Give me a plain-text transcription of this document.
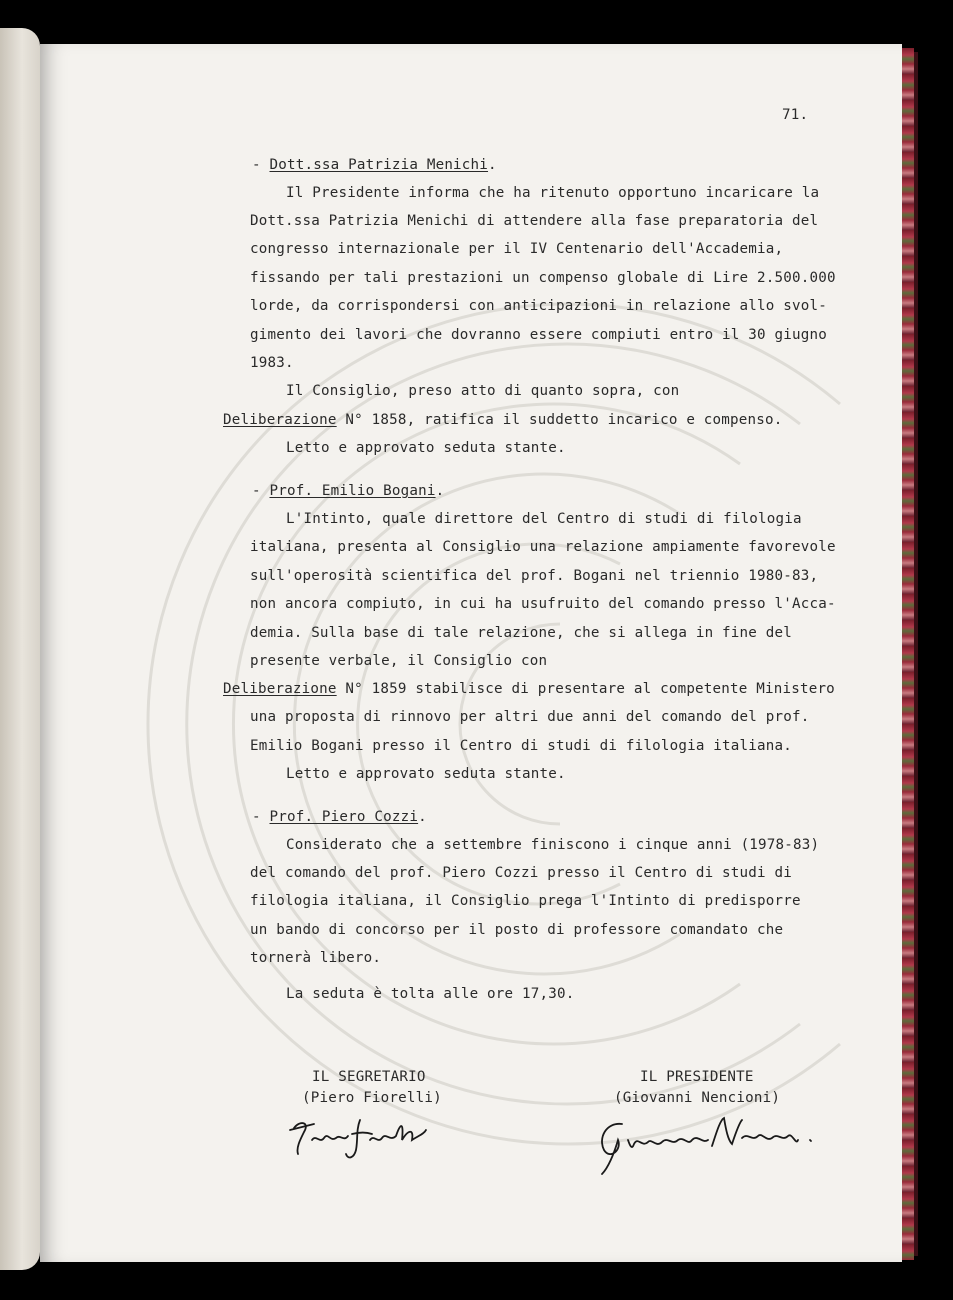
71.
- Dott.ssa Patrizia Menichi.
Il Presidente informa che ha ritenuto opportuno incaricare la
Dott.ssa Patrizia Menichi di attendere alla fase preparatoria del
congresso internazionale per il IV Centenario dell'Accademia,
fissando per tali prestazioni un compenso globale di Lire 2.500.000
lorde, da corrispondersi con anticipazioni in relazione allo svol-
gimento dei lavori che dovranno essere compiuti entro il 30 giugno
1983.
Il Consiglio, preso atto di quanto sopra, con
Deliberazione N° 1858, ratifica il suddetto incarico e compenso.
Letto e approvato seduta stante.
- Prof. Emilio Bogani.
L'Intinto, quale direttore del Centro di studi di filologia
italiana, presenta al Consiglio una relazione ampiamente favorevole
sull'operosità scientifica del prof. Bogani nel triennio 1980-83,
non ancora compiuto, in cui ha usufruito del comando presso l'Acca-
demia. Sulla base di tale relazione, che si allega in fine del
presente verbale, il Consiglio con
Deliberazione N° 1859 stabilisce di presentare al competente Ministero
una proposta di rinnovo per altri due anni del comando del prof.
Emilio Bogani presso il Centro di studi di filologia italiana.
Letto e approvato seduta stante.
- Prof. Piero Cozzi.
Considerato che a settembre finiscono i cinque anni (1978-83)
del comando del prof. Piero Cozzi presso il Centro di studi di
filologia italiana, il Consiglio prega l'Intinto di predisporre
un bando di concorso per il posto di professore comandato che
tornerà libero.
La seduta è tolta alle ore 17,30.
IL SEGRETARIO
(Piero Fiorelli)
IL PRESIDENTE
(Giovanni Nencioni)
